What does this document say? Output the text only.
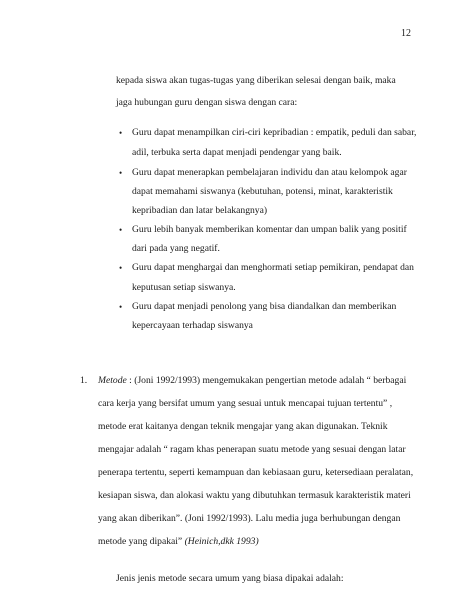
12
kepada siswa akan tugas-tugas yang diberikan selesai dengan baik, maka
jaga hubungan guru dengan siswa dengan cara:
• Guru dapat menampilkan ciri-ciri kepribadian : empatik, peduli dan sabar,
adil, terbuka serta dapat menjadi pendengar yang baik.
• Guru dapat menerapkan pembelajaran individu dan atau kelompok agar
dapat memahami siswanya (kebutuhan, potensi, minat, karakteristik
kepribadian dan latar belakangnya)
• Guru lebih banyak memberikan komentar dan umpan balik yang positif
dari pada yang negatif.
• Guru dapat menghargai dan menghormati setiap pemikiran, pendapat dan
keputusan setiap siswanya.
• Guru dapat menjadi penolong yang bisa diandalkan dan memberikan
kepercayaan terhadap siswanya
1. Metode : (Joni 1992/1993) mengemukakan pengertian metode adalah “ berbagai
cara kerja yang bersifat umum yang sesuai untuk mencapai tujuan tertentu” ,
metode erat kaitanya dengan teknik mengajar yang akan digunakan. Teknik
mengajar adalah “ ragam khas penerapan suatu metode yang sesuai dengan latar
penerapa tertentu, seperti kemampuan dan kebiasaan guru, ketersediaan peralatan,
kesiapan siswa, dan alokasi waktu yang dibutuhkan termasuk karakteristik materi
yang akan diberikan”. (Joni 1992/1993). Lalu media juga berhubungan dengan
metode yang dipakai” (Heinich,dkk 1993)
Jenis jenis metode secara umum yang biasa dipakai adalah:
